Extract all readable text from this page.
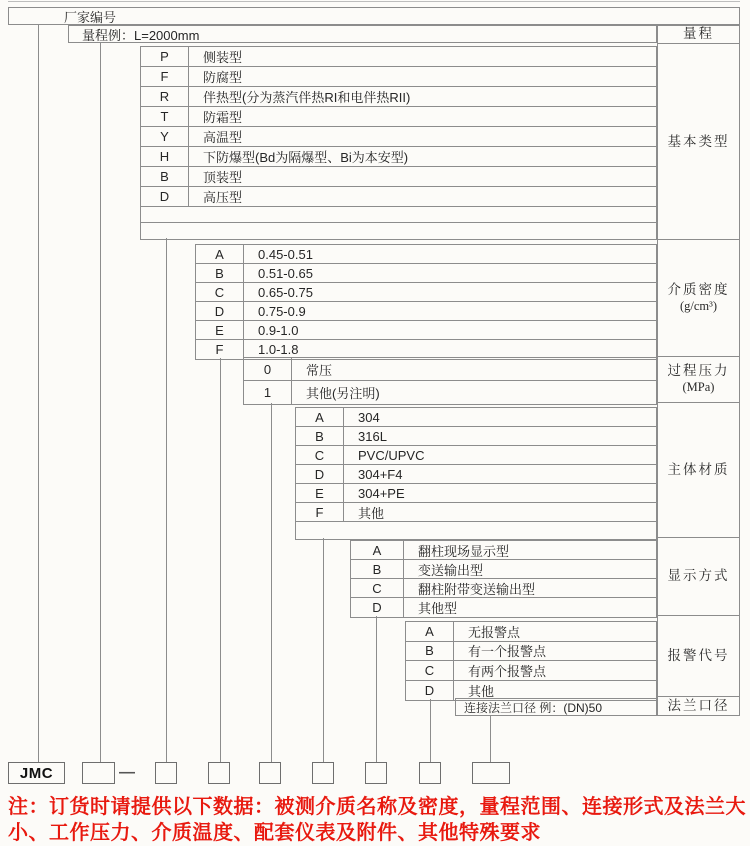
厂家编号
量程例：L=2000mm
P	侧装型
F	防腐型
R	伴热型(分为蒸汽伴热RI和电伴热RII)
T	防霜型
Y	高温型
H	下防爆型(Bd为隔爆型、Bi为本安型)
B	顶装型
D	高压型
A	0.45-0.51
B	0.51-0.65
C	0.65-0.75
D	0.75-0.9
E	0.9-1.0
F	1.0-1.8
0	常压
1	其他(另注明)
A	304
B	316L
C	PVC/UPVC
D	304+F4
E	304+PE
F	其他
A	翻柱现场显示型
B	变送输出型
C	翻柱附带变送输出型
D	其他型
A	无报警点
B	有一个报警点
C	有两个报警点
D	其他
连接法兰口径 例：(DN)50
量程
基本类型
介质密度
(g/cm³)
过程压力
(MPa)
主体材质
显示方式
报警代号
法兰口径
JMC	—
注：订货时请提供以下数据：被测介质名称及密度，量程范围、连接形式及法兰大小、工作压力、介质温度、配套仪表及附件、其他特殊要求
